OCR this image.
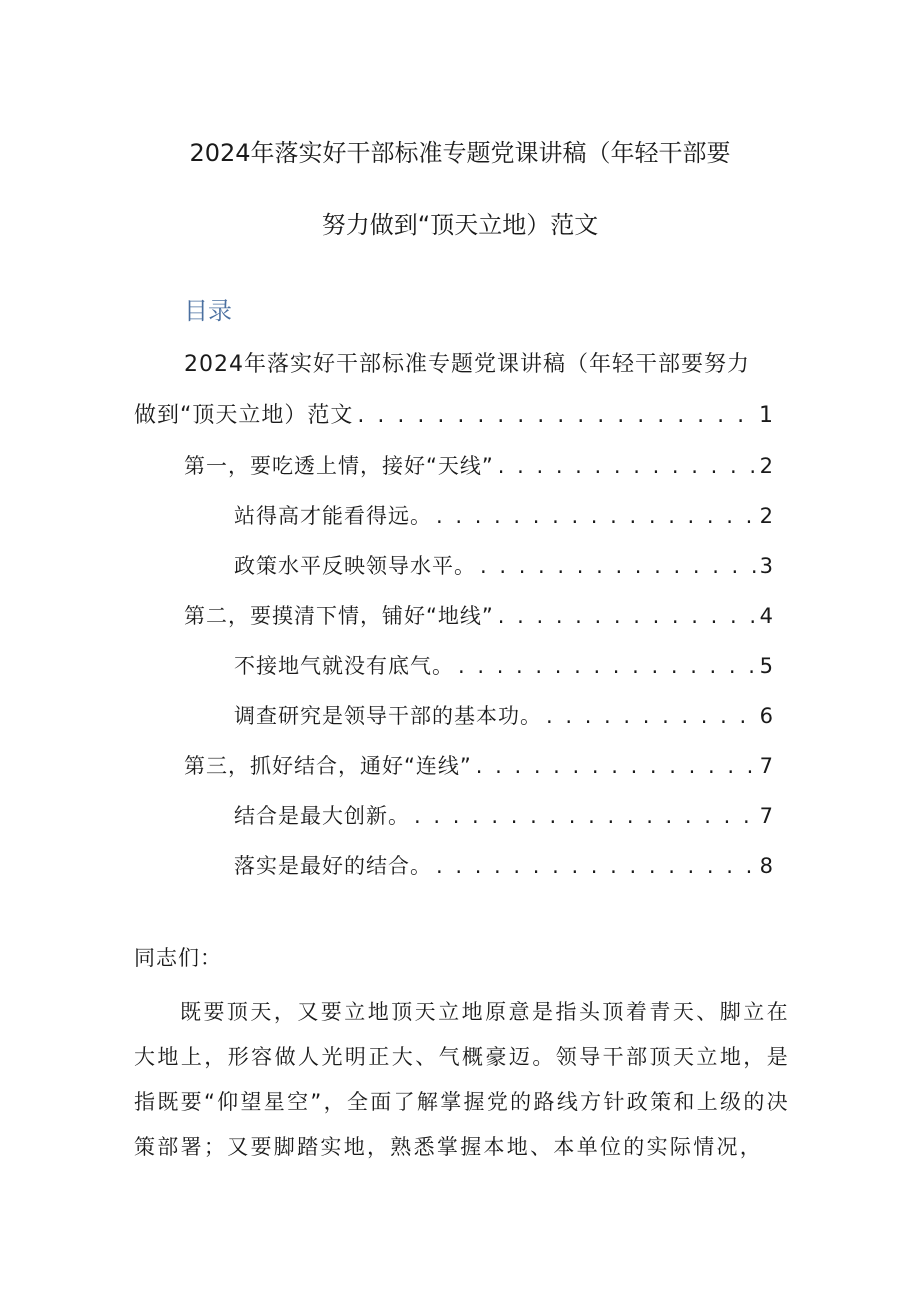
2024年落实好干部标准专题党课讲稿（年轻干部要
努力做到“顶天立地）范文
目录
2024年落实好干部标准专题党课讲稿（年轻干部要努力
做到“顶天立地）范文 . . .	1
第一，要吃透上情，接好“天线” . . .	2
站得高才能看得远。 . . .	2
政策水平反映领导水平。 . . .	3
第二，要摸清下情，铺好“地线” . . .	4
不接地气就没有底气。 . . .	5
调查研究是领导干部的基本功。 . . .	6
第三，抓好结合，通好“连线” . . .	7
结合是最大创新。 . . .	7
落实是最好的结合。 . . .	8
同志们：
既要顶天，又要立地顶天立地原意是指头顶着青天、脚立在大地上，形容做人光明正大、气概豪迈。领导干部顶天立地，是指既要“仰望星空”，全面了解掌握党的路线方针政策和上级的决策部署；又要脚踏实地，熟悉掌握本地、本单位的实际情况，
